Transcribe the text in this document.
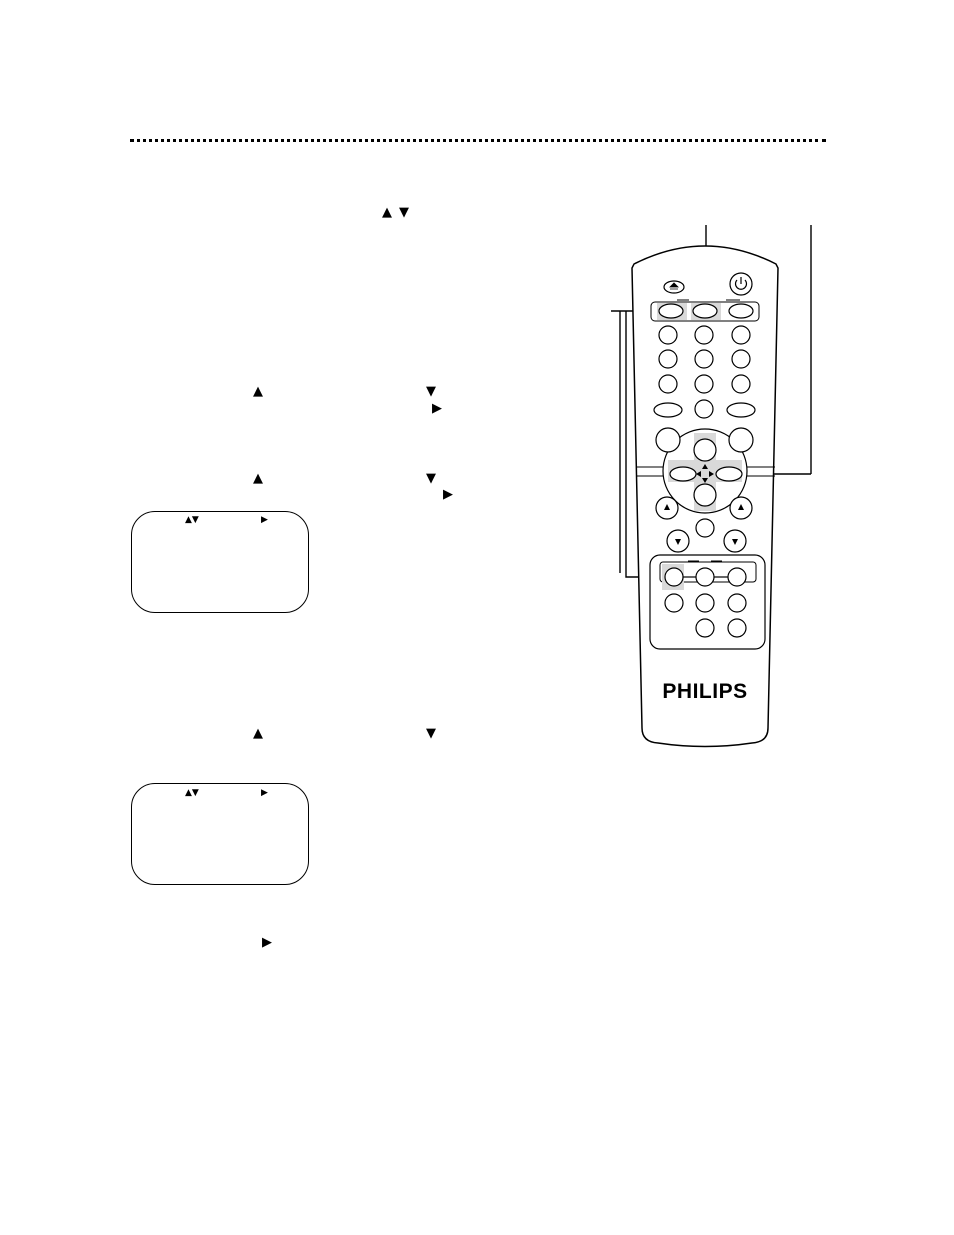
▲ ▼
▲	▼
▶
▲	▼
▶
▲▼	▶
▲	▼
▲▼	▶
▶
PHILIPS
